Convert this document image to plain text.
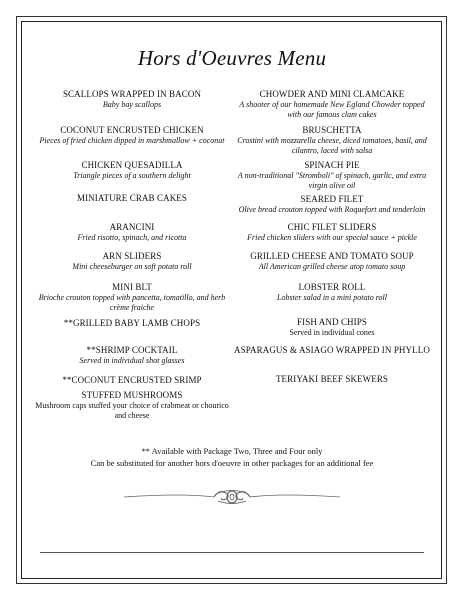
Hors d'Oeuvres Menu
SCALLOPS WRAPPED IN BACON
Baby bay scallops
COCONUT ENCRUSTED CHICKEN
Pieces of fried chicken dipped in marshmallow + coconut
CHICKEN QUESADILLA
Triangle pieces of a southern delight
MINIATURE CRAB CAKES
ARANCINI
Fried risotto, spinach, and ricotta
ARN SLIDERS
Mini cheeseburger on soft potato roll
MINI BLT
Brioche crouton topped with pancetta, tomatillo, and herb crème fraiche
**GRILLED BABY LAMB CHOPS
**SHRIMP COCKTAIL
Served in individual shot glasses
**COCONUT ENCRUSTED SRIMP
STUFFED MUSHROOMS
Mushroom caps stuffed your choice of crabmeat or chourico and cheese
CHOWDER AND MINI CLAMCAKE
A shooter of our homemade New Egland Chowder topped with our famous clam cakes
BRUSCHETTA
Crostini with mozzarella cheese, diced tomatoes, basil, and cilantro, laced with salsa
SPINACH PIE
A non-traditional "Stromboli" of spinach, garlic, and extra virgin olive oil
SEARED FILET
Olive bread crouton topped with Roquefort and tenderloin
CHIC FILET SLIDERS
Fried chicken sliders with our special sauce + pickle
GRILLED CHEESE AND TOMATO SOUP
All American grilled cheese atop tomato soup
LOBSTER ROLL
Lobster salad in a mini potato roll
FISH AND CHIPS
Served in individual cones
ASPARAGUS & ASIAGO WRAPPED IN PHYLLO
TERIYAKI BEEF SKEWERS
** Available with Package Two, Three and Four only
Can be substituted for another hors d'oeuvre in other packages for an additional fee
